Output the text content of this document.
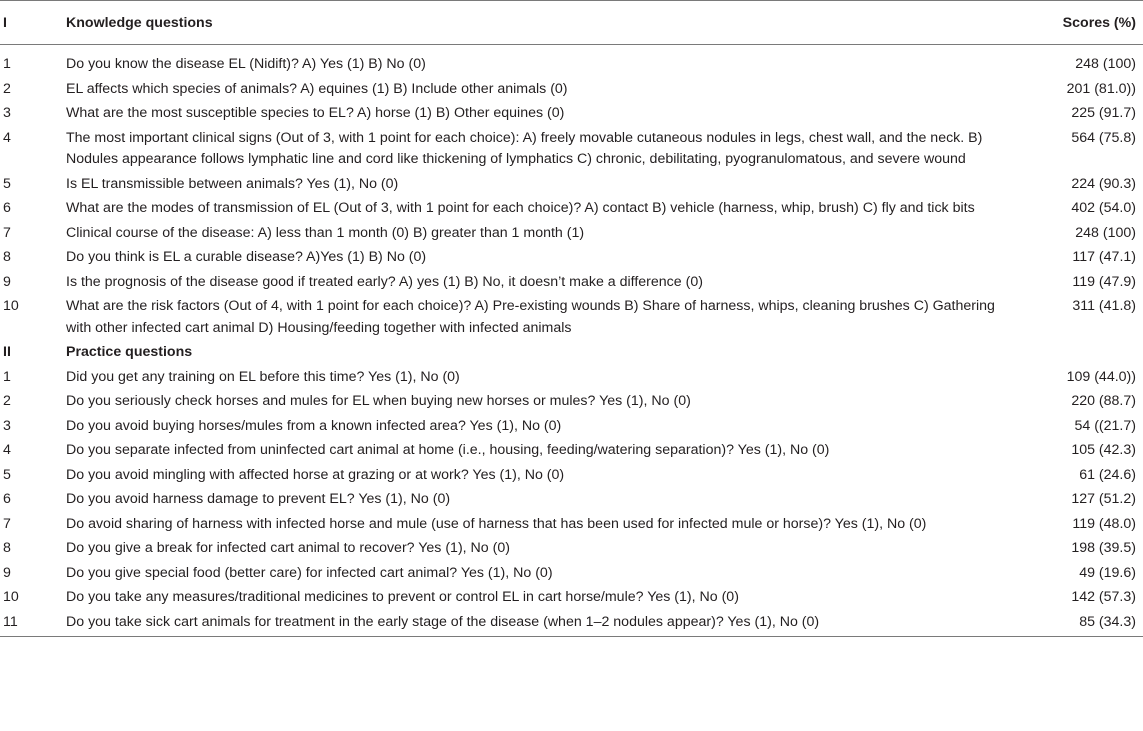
I	Knowledge questions	Scores (%)
1	Do you know the disease EL (Nidift)? A) Yes (1) B) No (0)	248 (100)
2	EL affects which species of animals? A) equines (1) B) Include other animals (0)	201 (81.0))
3	What are the most susceptible species to EL? A) horse (1) B) Other equines (0)	225 (91.7)
4	The most important clinical signs (Out of 3, with 1 point for each choice): A) freely movable cutaneous nodules in legs, chest wall, and the neck. B) Nodules appearance follows lymphatic line and cord like thickening of lymphatics C) chronic, debilitating, pyogranulomatous, and severe wound	564 (75.8)
5	Is EL transmissible between animals? Yes (1), No (0)	224 (90.3)
6	What are the modes of transmission of EL (Out of 3, with 1 point for each choice)? A) contact B) vehicle (harness, whip, brush) C) fly and tick bits	402 (54.0)
7	Clinical course of the disease: A) less than 1 month (0) B) greater than 1 month (1)	248 (100)
8	Do you think is EL a curable disease? A)Yes (1) B) No (0)	117 (47.1)
9	Is the prognosis of the disease good if treated early? A) yes (1) B) No, it doesn’t make a difference (0)	119 (47.9)
10	What are the risk factors (Out of 4, with 1 point for each choice)? A) Pre-existing wounds B) Share of harness, whips, cleaning brushes C) Gathering with other infected cart animal D) Housing/feeding together with infected animals	311 (41.8)
II	Practice questions	
1	Did you get any training on EL before this time? Yes (1), No (0)	109 (44.0))
2	Do you seriously check horses and mules for EL when buying new horses or mules? Yes (1), No (0)	220 (88.7)
3	Do you avoid buying horses/mules from a known infected area? Yes (1), No (0)	54 ((21.7)
4	Do you separate infected from uninfected cart animal at home (i.e., housing, feeding/watering separation)? Yes (1), No (0)	105 (42.3)
5	Do you avoid mingling with affected horse at grazing or at work? Yes (1), No (0)	61 (24.6)
6	Do you avoid harness damage to prevent EL? Yes (1), No (0)	127 (51.2)
7	Do avoid sharing of harness with infected horse and mule (use of harness that has been used for infected mule or horse)? Yes (1), No (0)	119 (48.0)
8	Do you give a break for infected cart animal to recover? Yes (1), No (0)	198 (39.5)
9	Do you give special food (better care) for infected cart animal? Yes (1), No (0)	49 (19.6)
10	Do you take any measures/traditional medicines to prevent or control EL in cart horse/mule? Yes (1), No (0)	142 (57.3)
11	Do you take sick cart animals for treatment in the early stage of the disease (when 1–2 nodules appear)? Yes (1), No (0)	85 (34.3)
